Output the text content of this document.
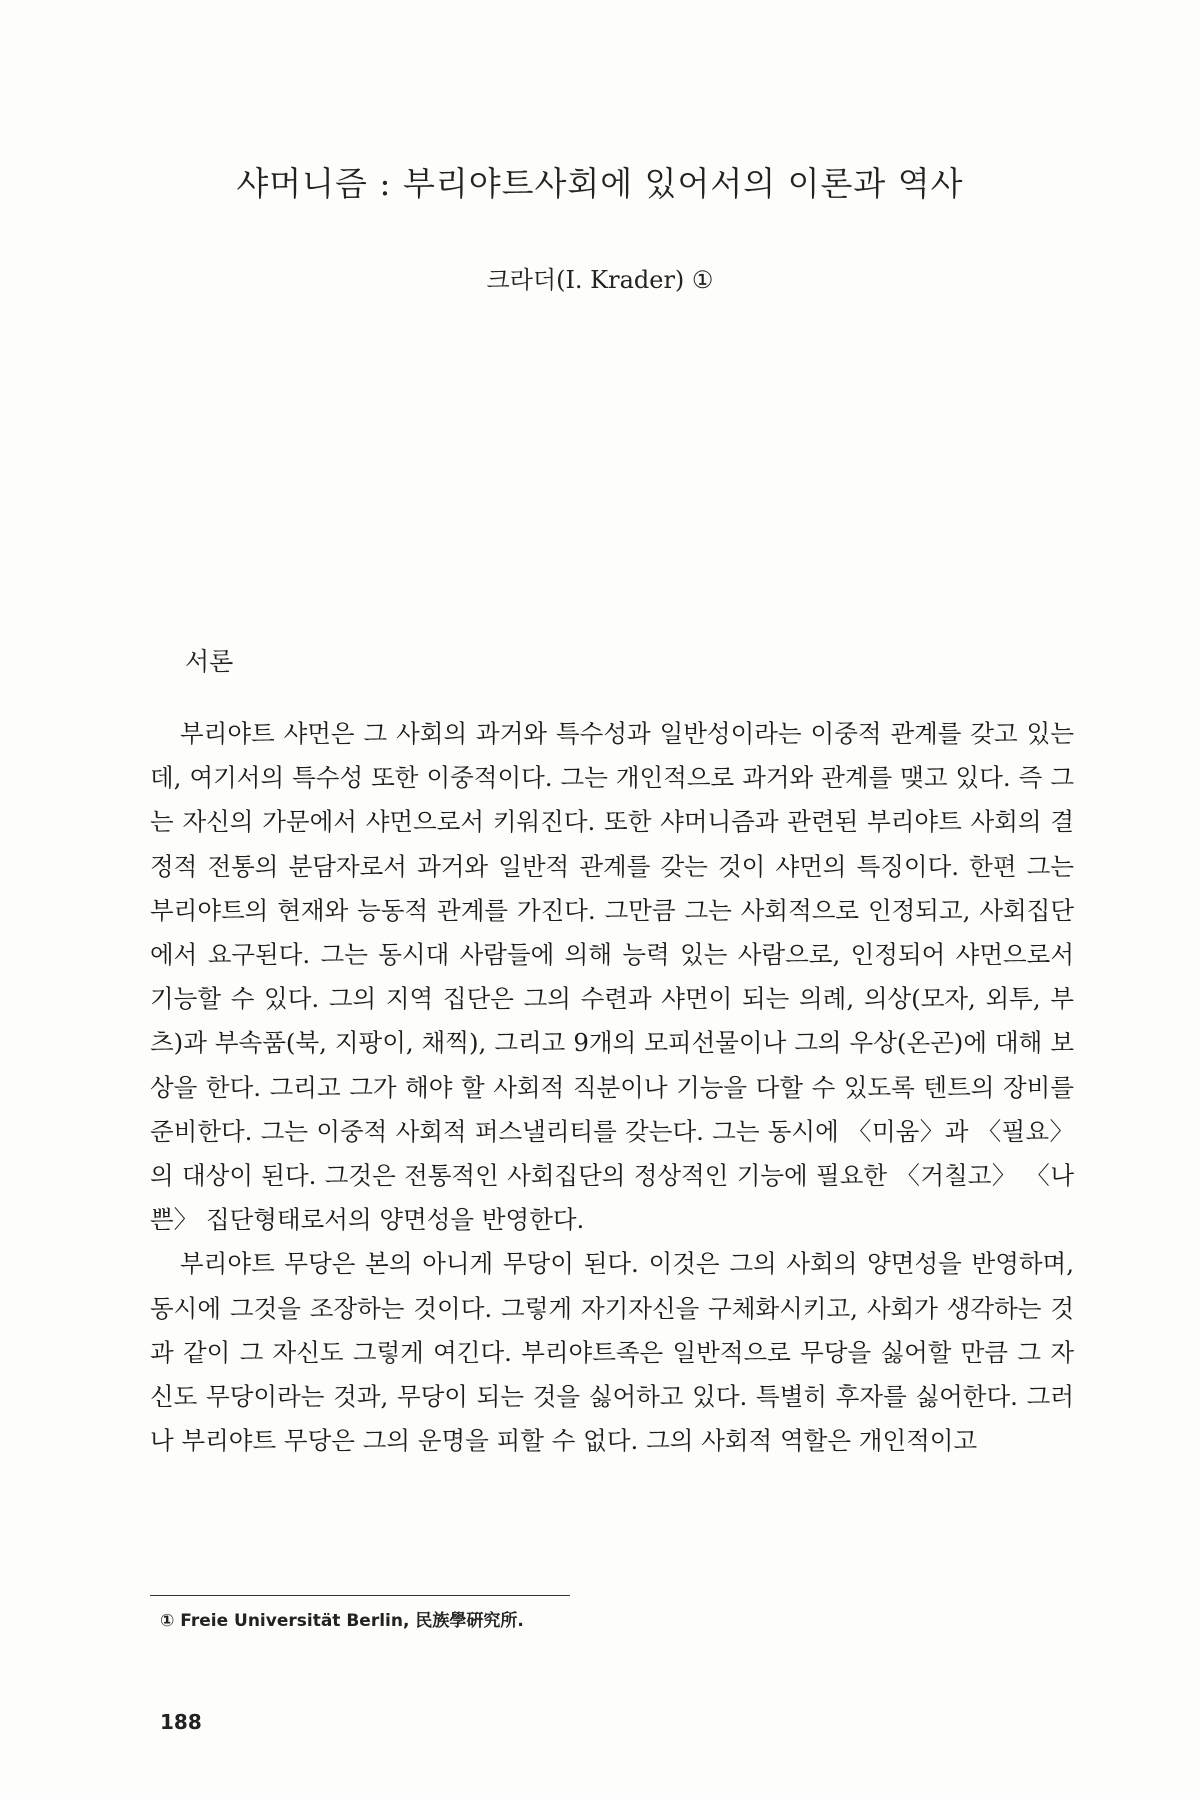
샤머니즘 : 부리야트사회에 있어서의 이론과 역사
크라더(I. Krader) ①
서론

부리야트 샤먼은 그 사회의 과거와 특수성과 일반성이라는 이중적 관계를 갖고 있는데, 여기서의 특수성 또한 이중적이다. 그는 개인적으로 과거와 관계를 맺고 있다. 즉 그는 자신의 가문에서 샤먼으로서 키워진다. 또한 샤머니즘과 관련된 부리야트 사회의 결정적 전통의 분담자로서 과거와 일반적 관계를 갖는 것이 샤먼의 특징이다. 한편 그는 부리야트의 현재와 능동적 관계를 가진다. 그만큼 그는 사회적으로 인정되고, 사회집단에서 요구된다. 그는 동시대 사람들에 의해 능력 있는 사람으로, 인정되어 샤먼으로서 기능할 수 있다. 그의 지역 집단은 그의 수련과 샤먼이 되는 의례, 의상(모자, 외투, 부츠)과 부속품(북, 지팡이, 채찍), 그리고 9개의 모피선물이나 그의 우상(온곤)에 대해 보상을 한다. 그리고 그가 해야 할 사회적 직분이나 기능을 다할 수 있도록 텐트의 장비를 준비한다. 그는 이중적 사회적 퍼스낼리티를 갖는다. 그는 동시에 〈미움〉과 〈필요〉의 대상이 된다. 그것은 전통적인 사회집단의 정상적인 기능에 필요한 〈거칠고〉 〈나쁜〉 집단형태로서의 양면성을 반영한다.

부리야트 무당은 본의 아니게 무당이 된다. 이것은 그의 사회의 양면성을 반영하며, 동시에 그것을 조장하는 것이다. 그렇게 자기자신을 구체화시키고, 사회가 생각하는 것과 같이 그 자신도 그렇게 여긴다. 부리야트족은 일반적으로 무당을 싫어할 만큼 그 자신도 무당이라는 것과, 무당이 되는 것을 싫어하고 있다. 특별히 후자를 싫어한다. 그러나 부리야트 무당은 그의 운명을 피할 수 없다. 그의 사회적 역할은 개인적이고

① Freie Universität Berlin, 民族學硏究所.
188
